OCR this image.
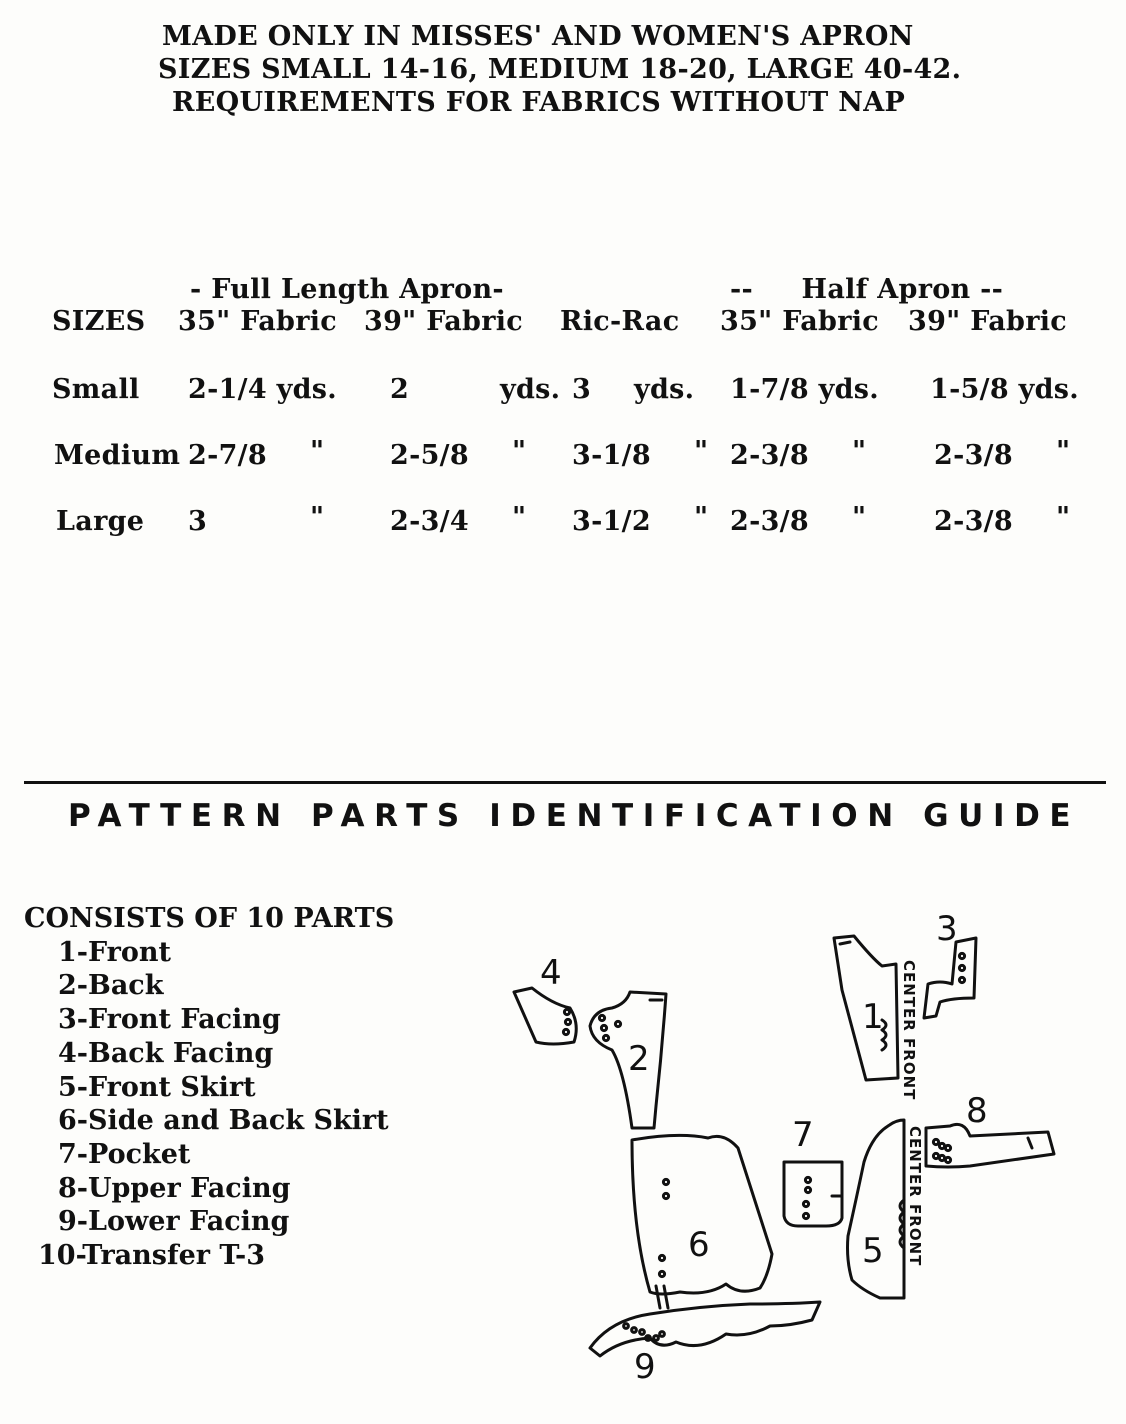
MADE ONLY IN MISSES' AND WOMEN'S APRON
SIZES SMALL 14-16, MEDIUM 18-20, LARGE 40-42.
REQUIREMENTS FOR FABRICS WITHOUT NAP
- Full Length Apron-	--     Half Apron --
SIZES 35" Fabric 39" Fabric Ric-Rac 35" Fabric 39" Fabric
Small 2-1/4 yds. 2	yds. 3 yds. 1-7/8 yds. 1-5/8 yds.
Medium 2-7/8 " 2-5/8 " 3-1/8 " 2-3/8 "	2-3/8 "
Large 3	" 2-3/4 " 3-1/2 " 2-3/8 "	2-3/8 "
PATTERN PARTS IDENTIFICATION GUIDE
CONSISTS OF 10 PARTS
1-Front
2-Back
3-Front Facing
4-Back Facing
5-Front Skirt
6-Side and Back Skirt
7-Pocket
8-Upper Facing
9-Lower Facing
10-Transfer T-3
4
2
1 CENTER FRONT
3
6
7
5 CENTER FRONT
8
9
